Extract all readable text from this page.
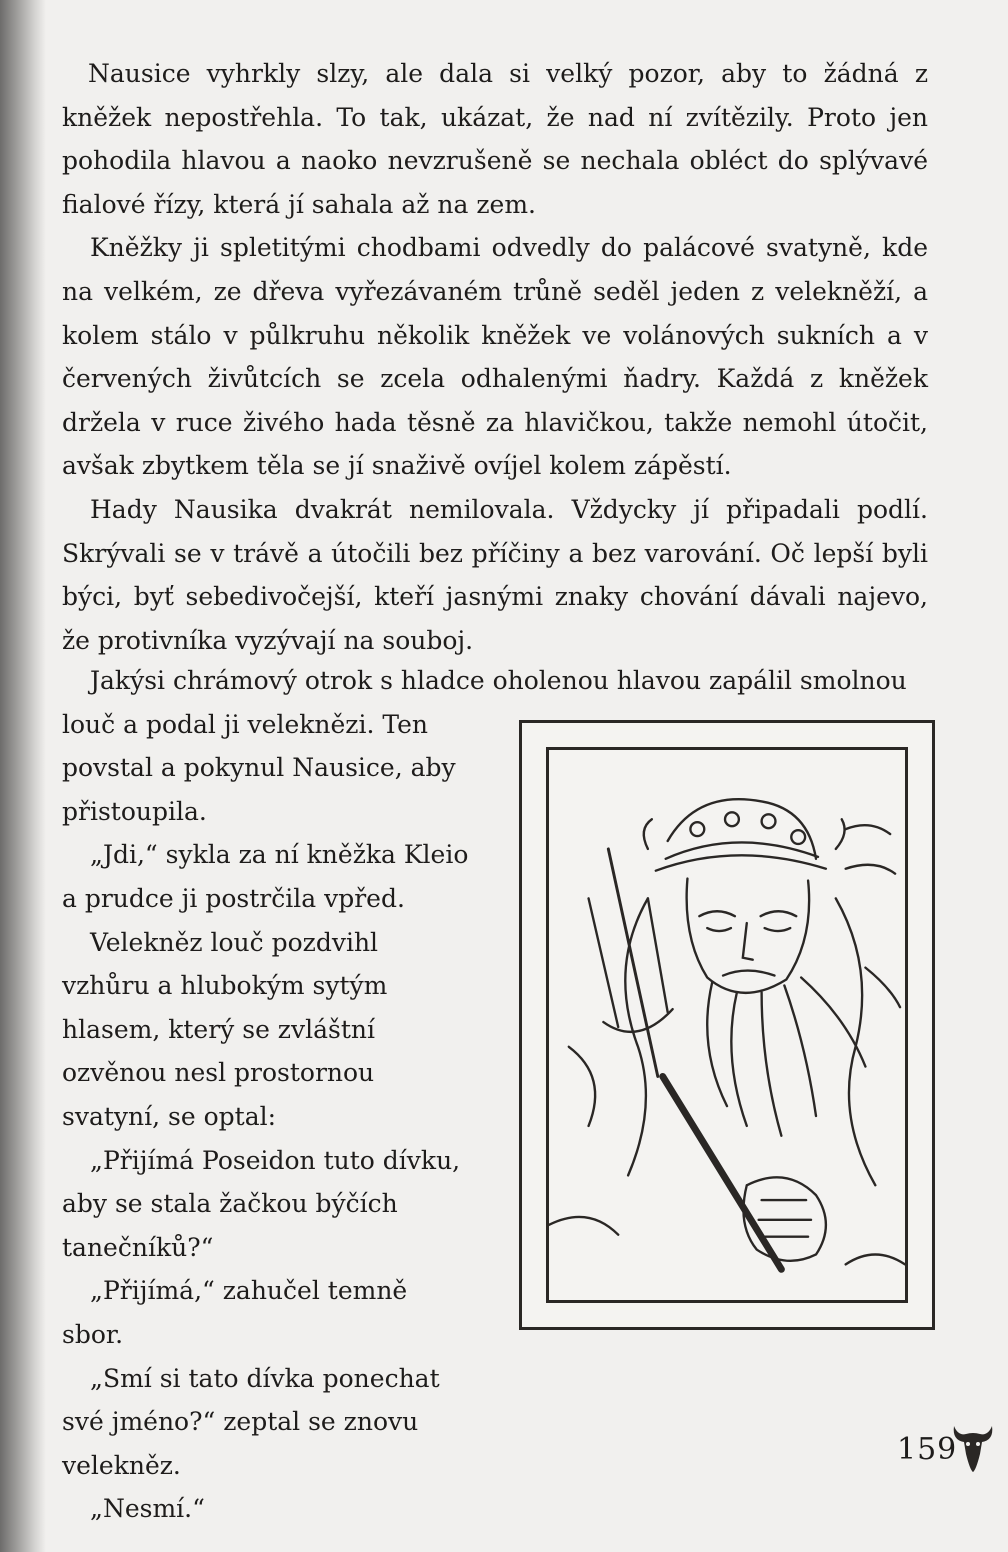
Nausice vyhrkly slzy, ale dala si velký pozor, aby to žádná z kněžek nepostřehla. To tak, ukázat, že nad ní zvítězily. Proto jen pohodila hlavou a naoko nevzrušeně se nechala obléct do splývavé fialové řízy, která jí sahala až na zem.

Kněžky ji spletitými chodbami odvedly do palácové svatyně, kde na velkém, ze dřeva vyřezávaném trůně seděl jeden z velekněží, a kolem stálo v půlkruhu několik kněžek ve volánových sukních a v červených živůtcích se zcela odhalenými ňadry. Každá z kněžek držela v ruce živého hada těsně za hlavičkou, takže nemohl útočit, avšak zbytkem těla se jí snaživě ovíjel kolem zápěstí.

Hady Nausika dvakrát nemilovala. Vždycky jí připadali podlí. Skrývali se v trávě a útočili bez příčiny a bez varování. Oč lepší byli býci, byť sebedivočejší, kteří jasnými znaky chování dávali najevo, že protivníka vyzývají na souboj.

Jakýsi chrámový otrok s hladce oholenou hlavou zapálil smolnou

louč a podal ji veleknězi. Ten povstal a pokynul Nausice, aby přistoupila.

„Jdi,“ sykla za ní kněžka Kleio a prudce ji postrčila vpřed.

Velekněz louč pozdvihl vzhůru a hlubokým sytým hlasem, který se zvláštní ozvěnou nesl prostornou svatyní, se optal:

„Přijímá Poseidon tuto dívku, aby se stala žačkou býčích tanečníků?“

„Přijímá,“ zahučel temně sbor.

„Smí si tato dívka ponechat své jméno?“ zeptal se znovu velekněz.

„Nesmí.“

159
